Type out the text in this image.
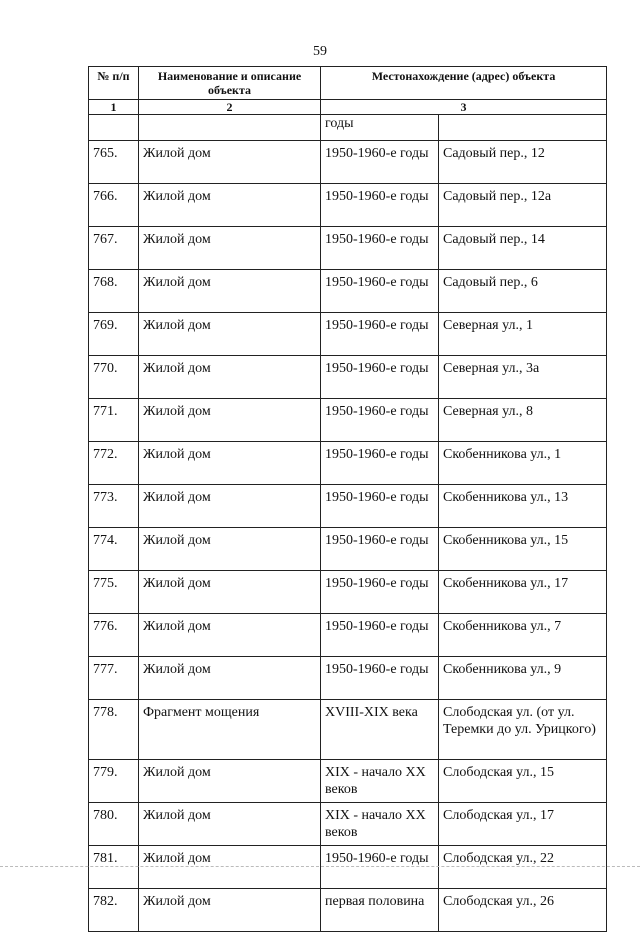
59
№ п/п	Наименование и описание объекта	Местонахождение (адрес) объекта	
1	2	3	
		годы	
765.	Жилой дом	1950-1960-е годы	Садовый пер., 12
766.	Жилой дом	1950-1960-е годы	Садовый пер., 12а
767.	Жилой дом	1950-1960-е годы	Садовый пер., 14
768.	Жилой дом	1950-1960-е годы	Садовый пер., 6
769.	Жилой дом	1950-1960-е годы	Северная ул., 1
770.	Жилой дом	1950-1960-е годы	Северная ул., 3а
771.	Жилой дом	1950-1960-е годы	Северная ул., 8
772.	Жилой дом	1950-1960-е годы	Скобенникова ул., 1
773.	Жилой дом	1950-1960-е годы	Скобенникова ул., 13
774.	Жилой дом	1950-1960-е годы	Скобенникова ул., 15
775.	Жилой дом	1950-1960-е годы	Скобенникова ул., 17
776.	Жилой дом	1950-1960-е годы	Скобенникова ул., 7
777.	Жилой дом	1950-1960-е годы	Скобенникова ул., 9
778.	Фрагмент мощения	XVIII-XIX века	Слободская ул. (от ул. Теремки до ул. Урицкого)
779.	Жилой дом	XIX - начало XX веков	Слободская ул., 15
780.	Жилой дом	XIX - начало XX веков	Слободская ул., 17
781.	Жилой дом	1950-1960-е годы	Слободская ул., 22
782.	Жилой дом	первая половина	Слободская ул., 26
